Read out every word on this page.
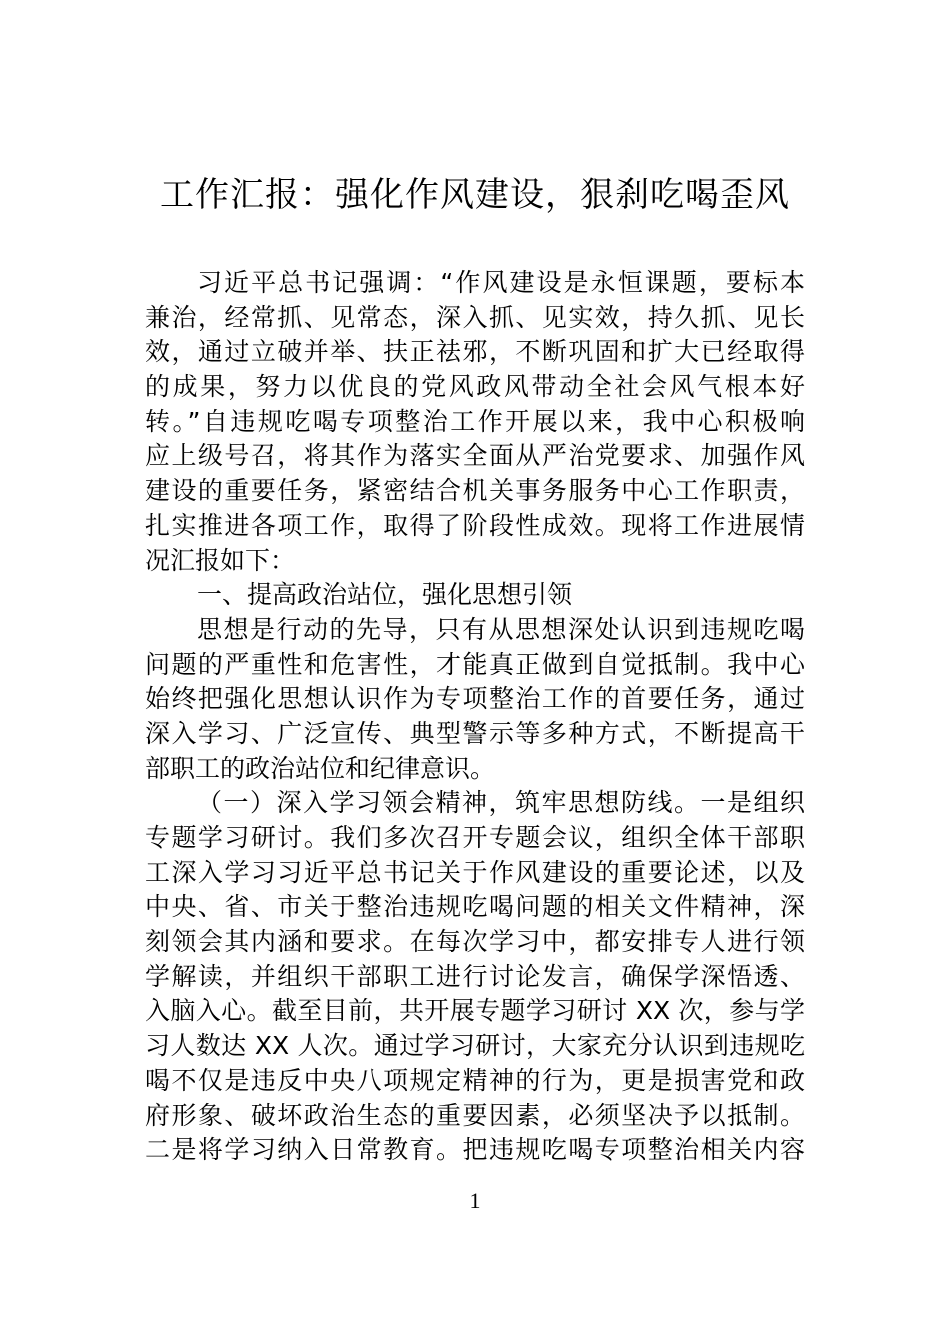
工作汇报：强化作风建设，狠刹吃喝歪风
习近平总书记强调：“作风建设是永恒课题，要标本
兼治，经常抓、见常态，深入抓、见实效，持久抓、见长
效，通过立破并举、扶正祛邪，不断巩固和扩大已经取得
的成果，努力以优良的党风政风带动全社会风气根本好
转。”自违规吃喝专项整治工作开展以来，我中心积极响
应上级号召，将其作为落实全面从严治党要求、加强作风
建设的重要任务，紧密结合机关事务服务中心工作职责，
扎实推进各项工作，取得了阶段性成效。现将工作进展情
况汇报如下：
一、提高政治站位，强化思想引领
思想是行动的先导，只有从思想深处认识到违规吃喝
问题的严重性和危害性，才能真正做到自觉抵制。我中心
始终把强化思想认识作为专项整治工作的首要任务，通过
深入学习、广泛宣传、典型警示等多种方式，不断提高干
部职工的政治站位和纪律意识。
（一）深入学习领会精神，筑牢思想防线。一是组织
专题学习研讨。我们多次召开专题会议，组织全体干部职
工深入学习习近平总书记关于作风建设的重要论述，以及
中央、省、市关于整治违规吃喝问题的相关文件精神，深
刻领会其内涵和要求。在每次学习中，都安排专人进行领
学解读，并组织干部职工进行讨论发言，确保学深悟透、
入脑入心。截至目前，共开展专题学习研讨 XX 次，参与学
习人数达 XX 人次。通过学习研讨，大家充分认识到违规吃
喝不仅是违反中央八项规定精神的行为，更是损害党和政
府形象、破坏政治生态的重要因素，必须坚决予以抵制。
二是将学习纳入日常教育。把违规吃喝专项整治相关内容
1
